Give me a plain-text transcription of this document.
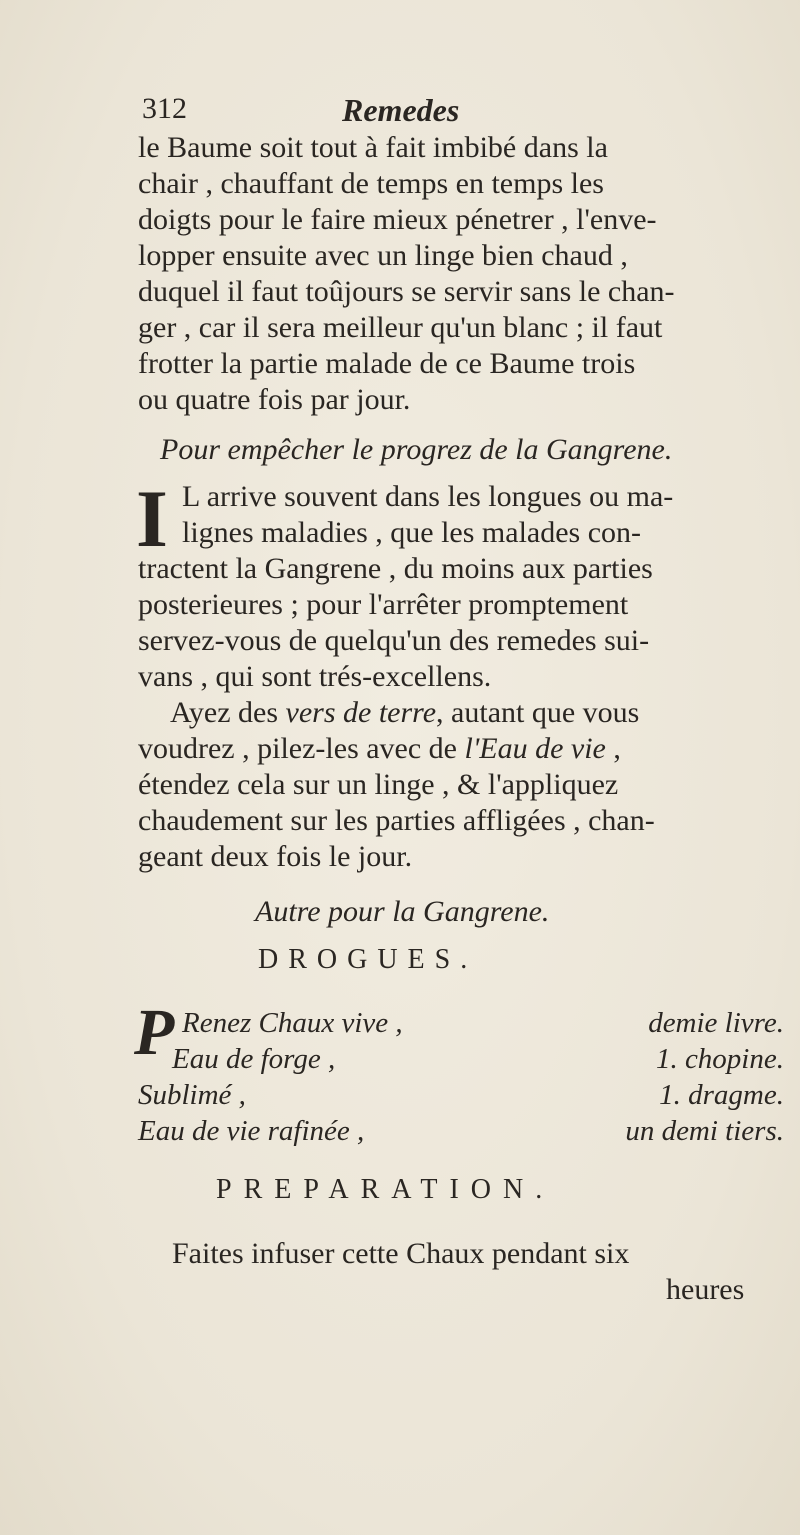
312	Remedes
le Baume soit tout à fait imbibé dans la
chair , chauffant de temps en temps les
doigts pour le faire mieux pénetrer , l'enve-
lopper ensuite avec un linge bien chaud ,
duquel il faut toûjours se servir sans le chan-
ger , car il sera meilleur qu'un blanc ; il faut
frotter la partie malade de ce Baume trois
ou quatre fois par jour.
Pour empêcher le progrez de la Gangrene.
I L arrive souvent dans les longues ou ma-
lignes maladies , que les malades con-
tractent la Gangrene , du moins aux parties
posterieures ; pour l'arrêter promptement
servez-vous de quelqu'un des remedes sui-
vans , qui sont trés-excellens.
Ayez des vers de terre, autant que vous
voudrez , pilez-les avec de l'Eau de vie ,
étendez cela sur un linge , & l'appliquez
chaudement sur les parties affligées , chan-
geant deux fois le jour.
Autre pour la Gangrene.
DROGUES.
P Renez Chaux vive ,	demie livre.
Eau de forge ,	1. chopine.
Sublimé ,	1. dragme.
Eau de vie rafinée ,	un demi tiers.
PREPARATION.
Faites infuser cette Chaux pendant six
heures
